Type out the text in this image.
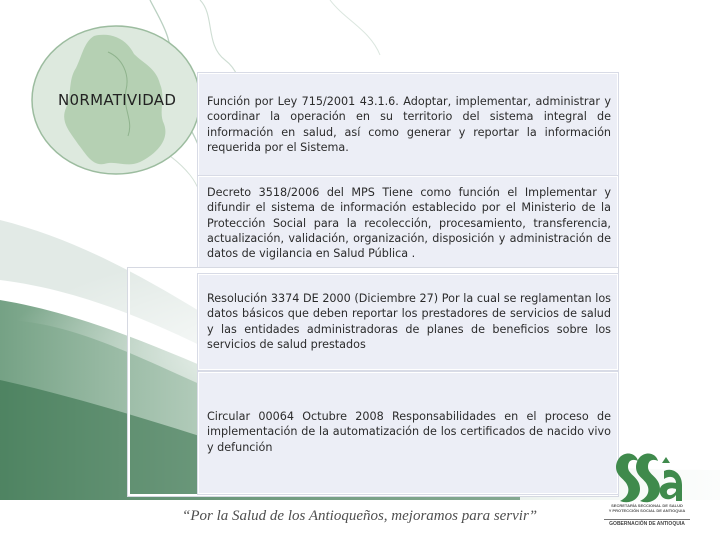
N0RMATIVIDAD	Función por Ley 715/2001 43.1.6. Adoptar, implementar, administrar y coordinar la operación en su territorio del sistema integral de información en salud, así como generar y reportar la información requerida por el Sistema.
Decreto 3518/2006 del MPS Tiene como función el Implementar y difundir el sistema de información establecido por el Ministerio de la Protección Social para la recolección, procesamiento, transferencia, actualización, validación, organización, disposición y administración de datos de vigilancia en Salud Pública .
Resolución 3374 DE 2000 (Diciembre 27) Por la cual se reglamentan los datos básicos que deben reportar los prestadores de servicios de salud y las entidades administradoras de planes de beneficios sobre los servicios de salud prestados
Circular 00064 Octubre 2008 Responsabilidades en el proceso de implementación de la automatización de los certificados de nacido vivo y defunción
“Por la Salud de los Antioqueños, mejoramos para servir”
SECRETARÍA SECCIONAL DE SALUD
Y PROTECCIÓN SOCIAL DE ANTIOQUIA
GOBERNACIÓN DE ANTIOQUIA
